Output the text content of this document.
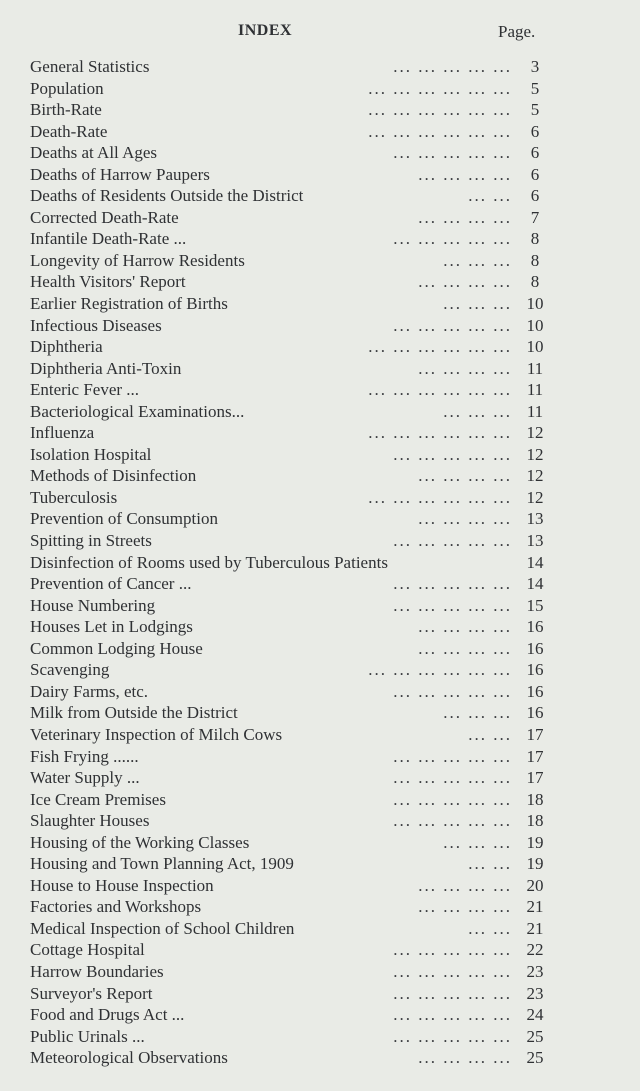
INDEX	Page.
General Statistics	... ... ... ... ...	3
Population	... ... ... ... ... ...	5
Birth-Rate	... ... ... ... ... ...	5
Death-Rate	... ... ... ... ... ...	6
Deaths at All Ages	... ... ... ... ...	6
Deaths of Harrow Paupers	... ... ... ...	6
Deaths of Residents Outside the District	... ...	6
Corrected Death-Rate	... ... ... ...	7
Infantile Death-Rate ...	... ... ... ... ...	8
Longevity of Harrow Residents	... ... ...	8
Health Visitors' Report	... ... ... ...	8
Earlier Registration of Births	... ... ... 10
Infectious Diseases	... ... ... ... ... 10
Diphtheria	... ... ... ... ... ... 10
Diphtheria Anti-Toxin	... ... ... ... 11
Enteric Fever ...	... ... ... ... ... ... 11
Bacteriological Examinations...	... ... ... 11
Influenza	... ... ... ... ... ... 12
Isolation Hospital	... ... ... ... ... 12
Methods of Disinfection	... ... ... ... 12
Tuberculosis	... ... ... ... ... ... 12
Prevention of Consumption	... ... ... ... 13
Spitting in Streets	... ... ... ... ... 13
Disinfection of Rooms used by Tuberculous Patients	14
Prevention of Cancer ...	... ... ... ... ... 14
House Numbering	... ... ... ... ... 15
Houses Let in Lodgings	... ... ... ... 16
Common Lodging House	... ... ... ... 16
Scavenging	... ... ... ... ... ... 16
Dairy Farms, etc.	... ... ... ... ... 16
Milk from Outside the District	... ... ... 16
Veterinary Inspection of Milch Cows	... ... 17
Fish Frying ......	... ... ... ... ... 17
Water Supply ...	... ... ... ... ... 17
Ice Cream Premises	... ... ... ... ... 18
Slaughter Houses	... ... ... ... ... 18
Housing of the Working Classes	... ... ... 19
Housing and Town Planning Act, 1909	... ... 19
House to House Inspection	... ... ... ... 20
Factories and Workshops	... ... ... ... 21
Medical Inspection of School Children	... ... 21
Cottage Hospital	... ... ... ... ... 22
Harrow Boundaries	... ... ... ... ... 23
Surveyor's Report	... ... ... ... ... 23
Food and Drugs Act ...	... ... ... ... ... 24
Public Urinals ...	... ... ... ... ... 25
Meteorological Observations	... ... ... ... 25
